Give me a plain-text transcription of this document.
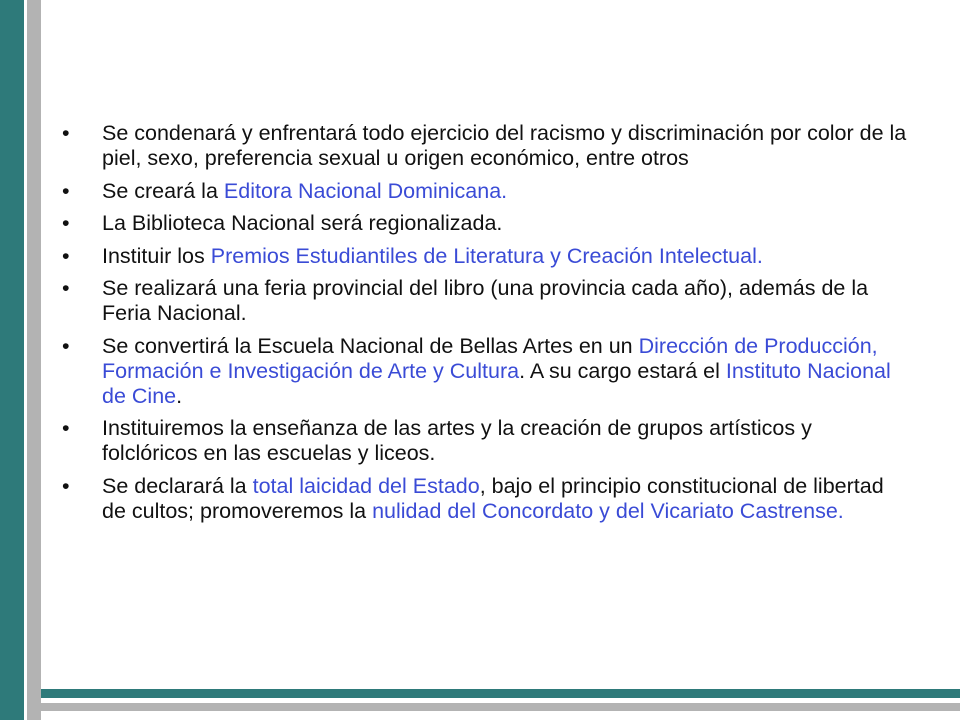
• Se condenará y enfrentará todo ejercicio del racismo y discriminación por color de la piel, sexo, preferencia sexual u origen económico, entre otros
• Se creará la Editora Nacional Dominicana.
• La Biblioteca Nacional será regionalizada.
• Instituir los Premios Estudiantiles de Literatura y Creación Intelectual.
• Se realizará una feria provincial del libro (una provincia cada año), además de la Feria Nacional.
• Se convertirá la Escuela Nacional de Bellas Artes en un Dirección de Producción, Formación e Investigación de Arte y Cultura. A su cargo estará el Instituto Nacional de Cine.
• Instituiremos la enseñanza de las artes y la creación de grupos artísticos y folclóricos en las escuelas y liceos.
• Se declarará la total laicidad del Estado, bajo el principio constitucional de libertad de cultos; promoveremos la nulidad del Concordato y del Vicariato Castrense.
